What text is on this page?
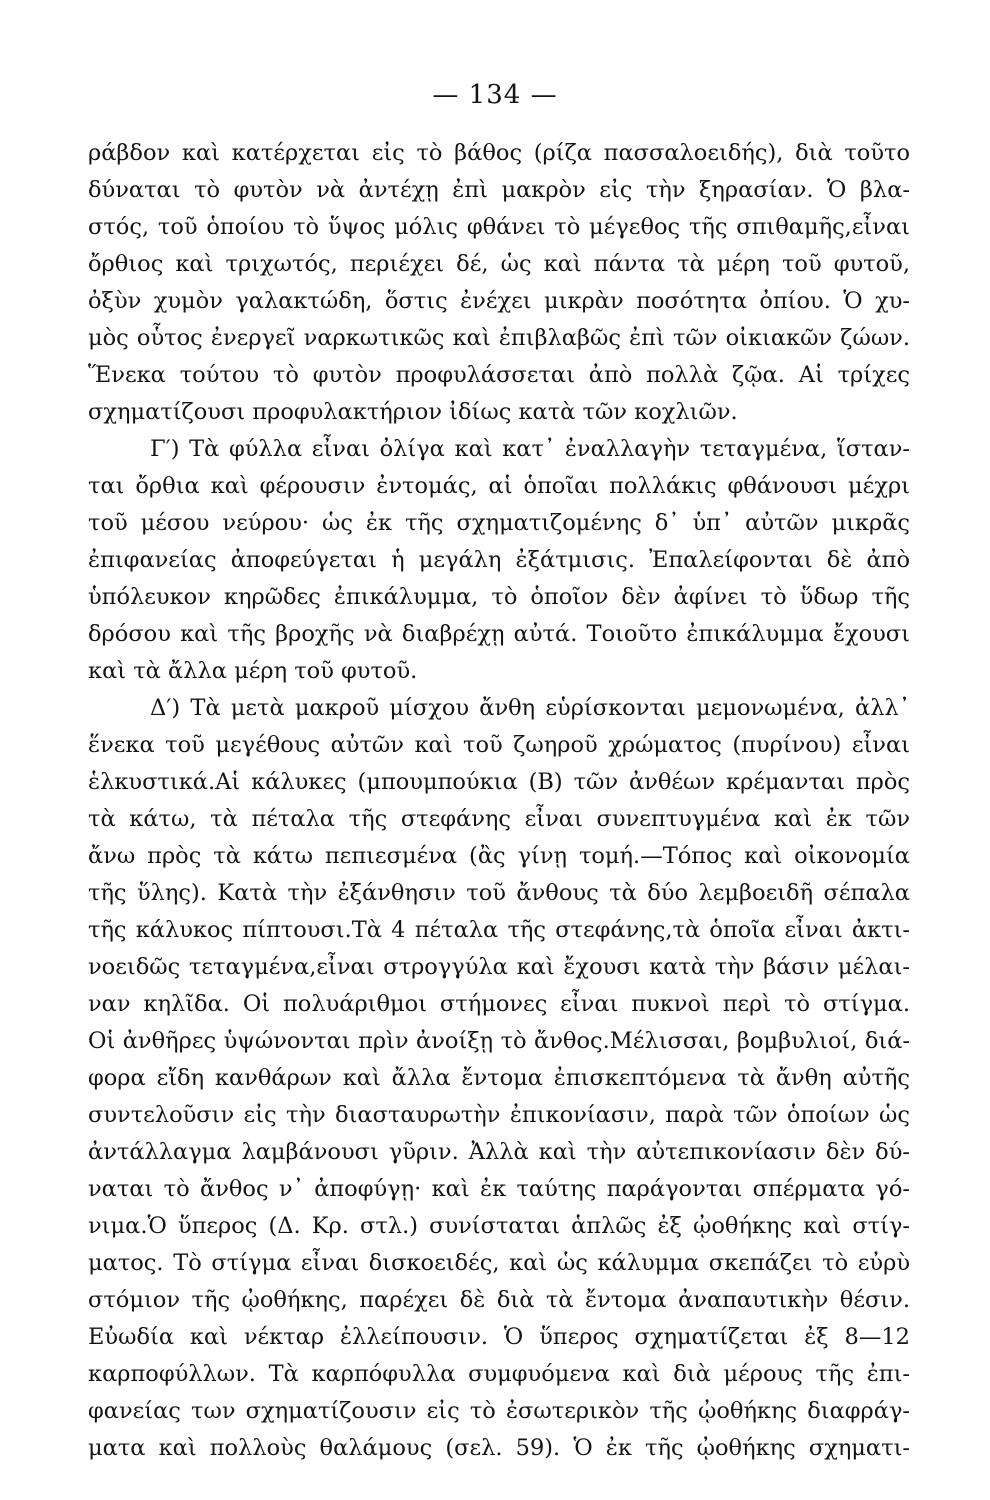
— 134 —
ράβδον καὶ κατέρχεται εἰς τὸ βάθος (ρίζα πασσαλοειδής), διὰ τοῦτο
δύναται τὸ φυτὸν νὰ ἀντέχῃ ἐπὶ μακρὸν εἰς τὴν ξηρασίαν. Ὁ βλα-
στός, τοῦ ὁποίου τὸ ὕψος μόλις φθάνει τὸ μέγεθος τῆς σπιθαμῆς,εἶναι
ὄρθιος καὶ τριχωτός, περιέχει δέ, ὡς καὶ πάντα τὰ μέρη τοῦ φυτοῦ,
ὀξὺν χυμὸν γαλακτώδη, ὅστις ἐνέχει μικρὰν ποσότητα ὀπίου. Ὁ χυ-
μὸς οὗτος ἐνεργεῖ ναρκωτικῶς καὶ ἐπιβλαβῶς ἐπὶ τῶν οἰκιακῶν ζώων.
Ἕνεκα τούτου τὸ φυτὸν προφυλάσσεται ἀπὸ πολλὰ ζῷα. Αἱ τρίχες
σχηματίζουσι προφυλακτήριον ἰδίως κατὰ τῶν κοχλιῶν.
Γ′) Τὰ φύλλα εἶναι ὀλίγα καὶ κατ᾽ ἐναλλαγὴν τεταγμένα, ἵσταν-
ται ὄρθια καὶ φέρουσιν ἐντομάς, αἱ ὁποῖαι πολλάκις φθάνουσι μέχρι
τοῦ μέσου νεύρου· ὡς ἐκ τῆς σχηματιζομένης δ᾽ ὑπ᾽ αὐτῶν μικρᾶς
ἐπιφανείας ἀποφεύγεται ἡ μεγάλη ἐξάτμισις. Ἐπαλείφονται δὲ ἀπὸ
ὑπόλευκον κηρῶδες ἐπικάλυμμα, τὸ ὁποῖον δὲν ἀφίνει τὸ ὕδωρ τῆς
δρόσου καὶ τῆς βροχῆς νὰ διαβρέχῃ αὐτά. Τοιοῦτο ἐπικάλυμμα ἔχουσι
καὶ τὰ ἄλλα μέρη τοῦ φυτοῦ.
Δ′) Τὰ μετὰ μακροῦ μίσχου ἄνθη εὑρίσκονται μεμονωμένα, ἀλλ᾽
ἕνεκα τοῦ μεγέθους αὐτῶν καὶ τοῦ ζωηροῦ χρώματος (πυρίνου) εἶναι
ἑλκυστικά.Αἱ κάλυκες (μπουμπούκια (Β) τῶν ἀνθέων κρέμανται πρὸς
τὰ κάτω, τὰ πέταλα τῆς στεφάνης εἶναι συνεπτυγμένα καὶ ἐκ τῶν
ἄνω πρὸς τὰ κάτω πεπιεσμένα (ἂς γίνῃ τομή.—Τόπος καὶ οἰκονομία
τῆς ὕλης). Κατὰ τὴν ἐξάνθησιν τοῦ ἄνθους τὰ δύο λεμβοειδῆ σέπαλα
τῆς κάλυκος πίπτουσι.Τὰ 4 πέταλα τῆς στεφάνης,τὰ ὁποῖα εἶναι ἀκτι-
νοειδῶς τεταγμένα,εἶναι στρογγύλα καὶ ἔχουσι κατὰ τὴν βάσιν μέλαι-
ναν κηλῖδα. Οἱ πολυάριθμοι στήμονες εἶναι πυκνοὶ περὶ τὸ στίγμα.
Οἱ ἀνθῆρες ὑψώνονται πρὶν ἀνοίξῃ τὸ ἄνθος.Μέλισσαι, βομβυλιοί, διά-
φορα εἴδη κανθάρων καὶ ἄλλα ἔντομα ἐπισκεπτόμενα τὰ ἄνθη αὐτῆς
συντελοῦσιν εἰς τὴν διασταυρωτὴν ἐπικονίασιν, παρὰ τῶν ὁποίων ὡς
ἀντάλλαγμα λαμβάνουσι γῦριν. Ἀλλὰ καὶ τὴν αὐτεπικονίασιν δὲν δύ-
ναται τὸ ἄνθος ν᾽ ἀποφύγῃ· καὶ ἐκ ταύτης παράγονται σπέρματα γό-
νιμα.Ὁ ὕπερος (Δ. Κρ. στλ.) συνίσταται ἁπλῶς ἐξ ᾠοθήκης καὶ στίγ-
ματος. Τὸ στίγμα εἶναι δισκοειδές, καὶ ὡς κάλυμμα σκεπάζει τὸ εὐρὺ
στόμιον τῆς ᾠοθήκης, παρέχει δὲ διὰ τὰ ἔντομα ἀναπαυτικὴν θέσιν.
Εὐωδία καὶ νέκταρ ἐλλείπουσιν. Ὁ ὕπερος σχηματίζεται ἐξ 8—12
καρποφύλλων. Τὰ καρπόφυλλα συμφυόμενα καὶ διὰ μέρους τῆς ἐπι-
φανείας των σχηματίζουσιν εἰς τὸ ἐσωτερικὸν τῆς ᾠοθήκης διαφράγ-
ματα καὶ πολλοὺς θαλάμους (σελ. 59). Ὁ ἐκ τῆς ᾠοθήκης σχηματι-
